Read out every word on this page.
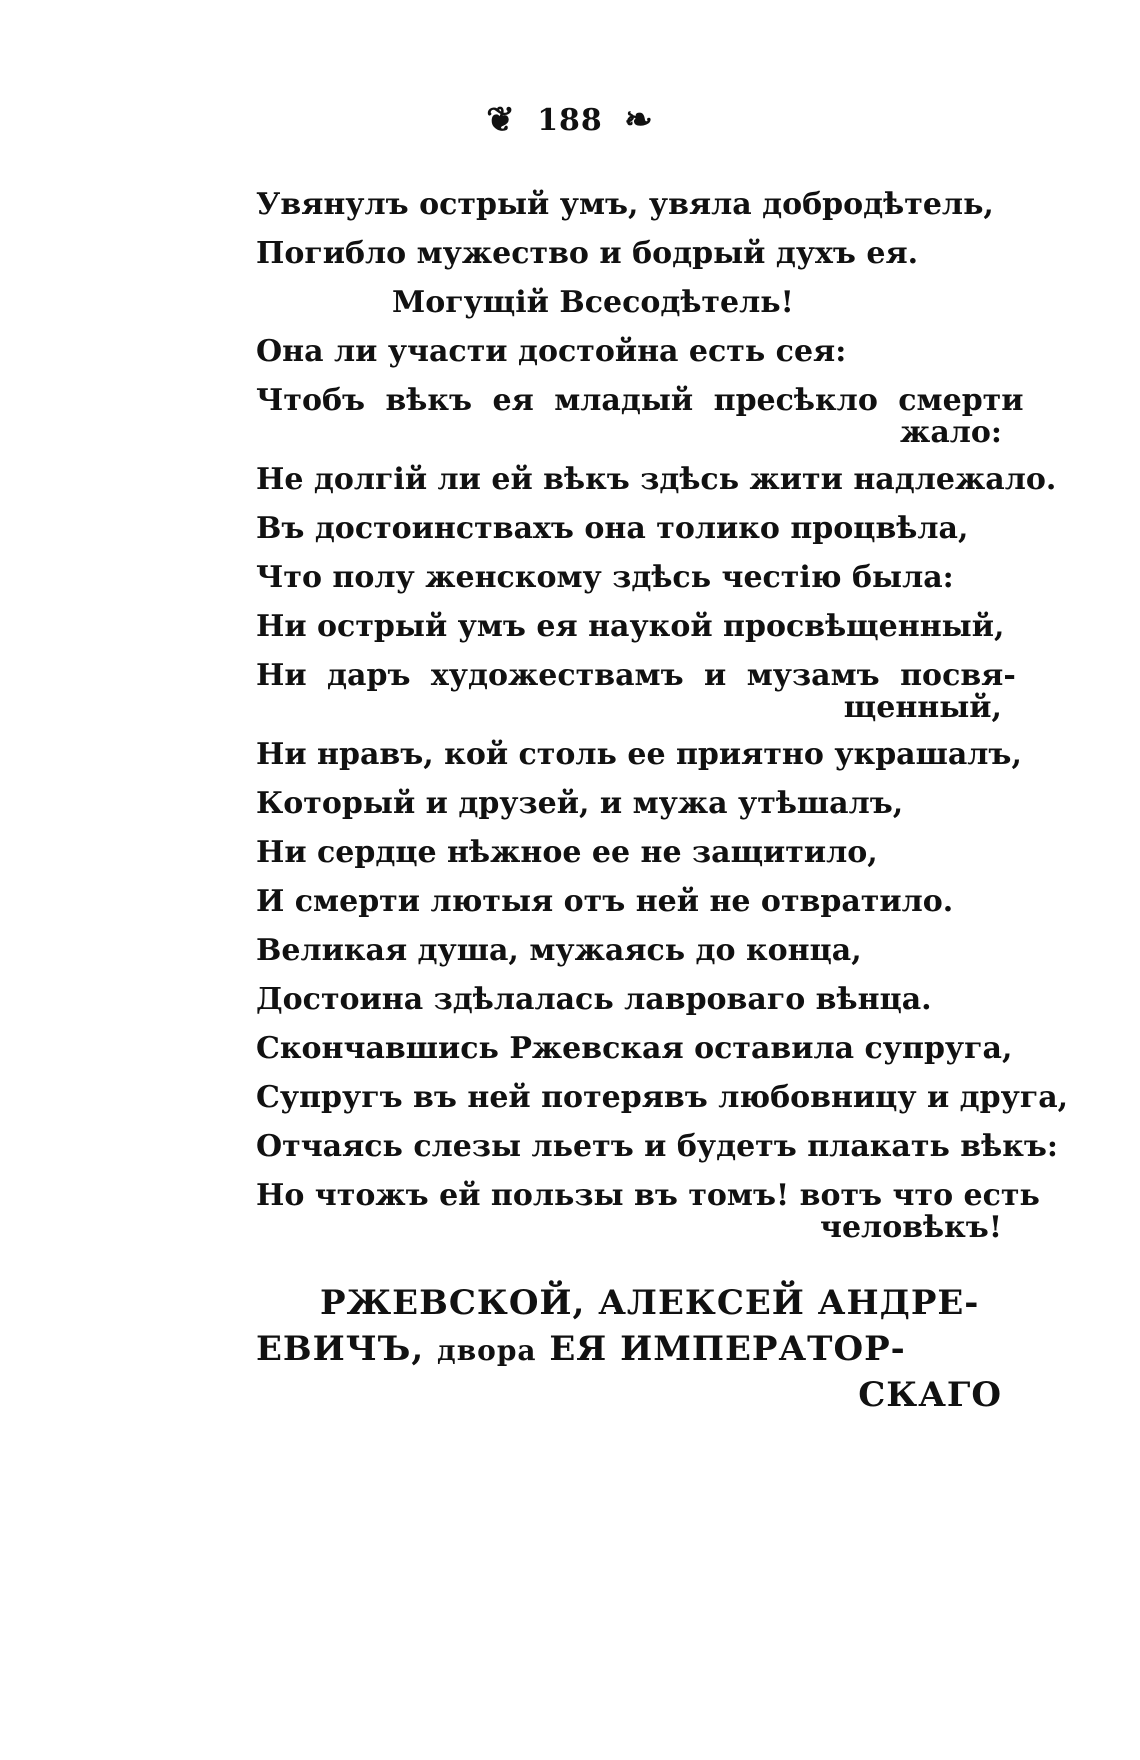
❦ 188 ❧
Увянулъ острый умъ, увяла добродѣтель,
Погибло мужество и бодрый духъ ея.
Могущій Всесодѣтель!
Она ли участи достойна есть сея:
Чтобъ вѣкъ ея младый пресѣкло смерти
жало:
Не долгій ли ей вѣкъ здѣсь жити надлежало.
Въ достоинствахъ она толико процвѣла,
Что полу женскому здѣсь честію была:
Ни острый умъ ея наукой просвѣщенный,
Ни даръ художествамъ и музамъ посвя-
щенный,
Ни нравъ, кой столь ее приятно украшалъ,
Который и друзей, и мужа утѣшалъ,
Ни сердце нѣжное ее не защитило,
И смерти лютыя отъ ней не отвратило.
Великая душа, мужаясь до конца,
Достоина здѣлалась лавроваго вѣнца.
Скончавшись Ржевская оставила супруга,
Супругъ въ ней потерявъ любовницу и друга,
Отчаясь слезы льетъ и будетъ плакать вѣкъ:
Но чтожъ ей пользы въ томъ! вотъ что есть
человѣкъ!
РЖЕВСКОЙ, АЛЕКСЕЙ АНДРЕ-
ЕВИЧЪ, двора ЕЯ ИМПЕРАТОР-
СКАГО
